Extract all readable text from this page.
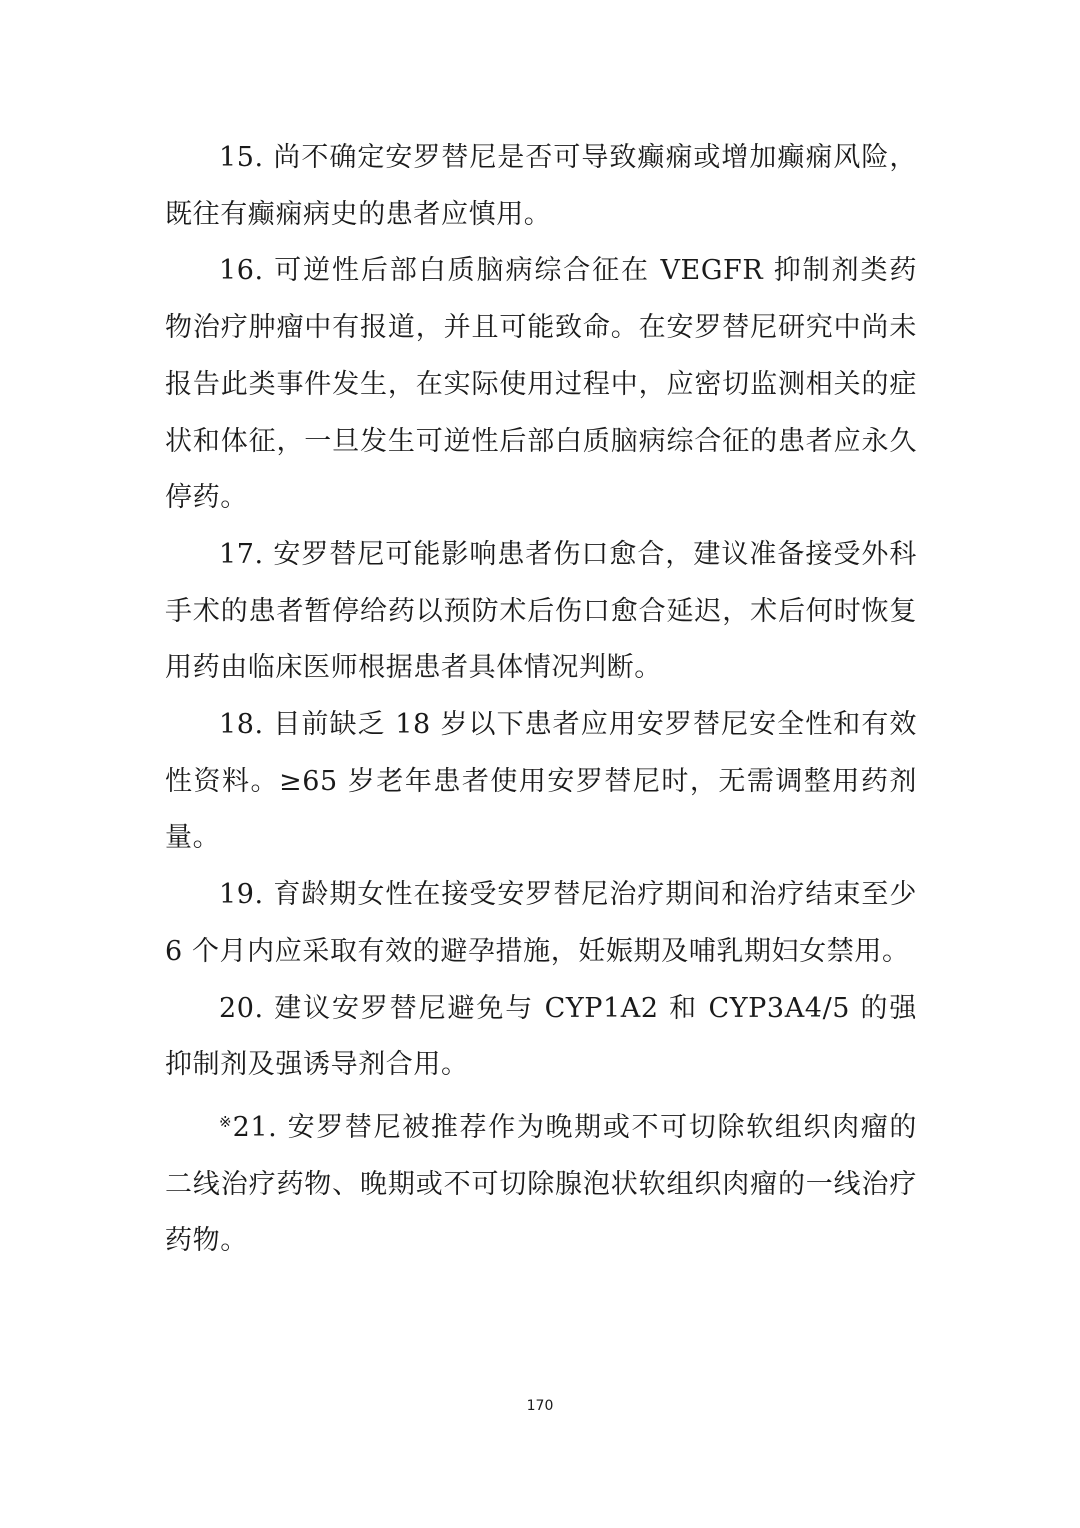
15. 尚不确定安罗替尼是否可导致癫痫或增加癫痫风险，既往有癫痫病史的患者应慎用。

16. 可逆性后部白质脑病综合征在 VEGFR 抑制剂类药物治疗肿瘤中有报道，并且可能致命。在安罗替尼研究中尚未报告此类事件发生，在实际使用过程中，应密切监测相关的症状和体征，一旦发生可逆性后部白质脑病综合征的患者应永久停药。

17. 安罗替尼可能影响患者伤口愈合，建议准备接受外科手术的患者暂停给药以预防术后伤口愈合延迟，术后何时恢复用药由临床医师根据患者具体情况判断。

18. 目前缺乏 18 岁以下患者应用安罗替尼安全性和有效性资料。≥65 岁老年患者使用安罗替尼时，无需调整用药剂量。

19. 育龄期女性在接受安罗替尼治疗期间和治疗结束至少 6 个月内应采取有效的避孕措施，妊娠期及哺乳期妇女禁用。

20. 建议安罗替尼避免与 CYP1A2 和 CYP3A4/5 的强抑制剂及强诱导剂合用。

※21. 安罗替尼被推荐作为晚期或不可切除软组织肉瘤的二线治疗药物、晚期或不可切除腺泡状软组织肉瘤的一线治疗药物。

170
